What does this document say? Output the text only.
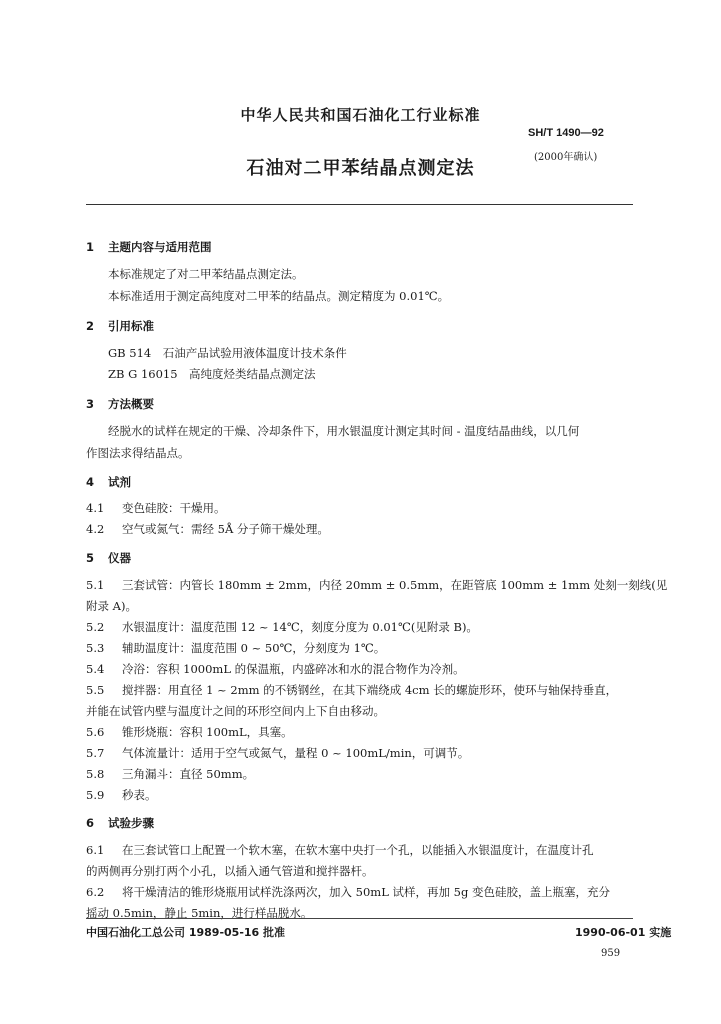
中华人民共和国石油化工行业标准
SH/T 1490—92
(2000年确认)
石油对二甲苯结晶点测定法
1 主题内容与适用范围
本标准规定了对二甲苯结晶点测定法。
本标准适用于测定高纯度对二甲苯的结晶点。测定精度为 0.01℃。
2 引用标准
GB 514　石油产品试验用液体温度计技术条件
ZB G 16015　高纯度烃类结晶点测定法
3 方法概要
经脱水的试样在规定的干燥、冷却条件下，用水银温度计测定其时间 - 温度结晶曲线，以几何
作图法求得结晶点。
4 试剂
4.1 变色硅胶：干燥用。
4.2 空气或氮气：需经 5Å 分子筛干燥处理。
5 仪器
5.1 三套试管：内管长 180mm ± 2mm，内径 20mm ± 0.5mm，在距管底 100mm ± 1mm 处刻一刻线(见
附录 A)。
5.2 水银温度计：温度范围 12 ~ 14℃，刻度分度为 0.01℃(见附录 B)。
5.3 辅助温度计：温度范围 0 ~ 50℃，分刻度为 1℃。
5.4 冷浴：容积 1000mL 的保温瓶，内盛碎冰和水的混合物作为冷剂。
5.5 搅拌器：用直径 1 ~ 2mm 的不锈钢丝，在其下端绕成 4cm 长的螺旋形环，使环与轴保持垂直，
并能在试管内壁与温度计之间的环形空间内上下自由移动。
5.6 锥形烧瓶：容积 100mL，具塞。
5.7 气体流量计：适用于空气或氮气，量程 0 ~ 100mL/min，可调节。
5.8 三角漏斗：直径 50mm。
5.9 秒表。
6 试验步骤
6.1 在三套试管口上配置一个软木塞，在软木塞中央打一个孔，以能插入水银温度计，在温度计孔
的两侧再分别打两个小孔，以插入通气管道和搅拌器杆。
6.2 将干燥清洁的锥形烧瓶用试样洗涤两次，加入 50mL 试样，再加 5g 变色硅胶，盖上瓶塞，充分
摇动 0.5min，静止 5min，进行样品脱水。
中国石油化工总公司 1989-05-16 批准	1990-06-01 实施
959
